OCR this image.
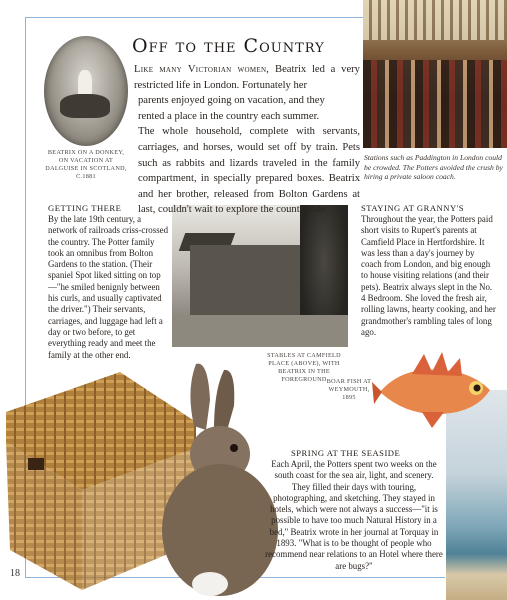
Off to the Country
Like many Victorian women, Beatrix led a very restricted life in London. Fortunately her
parents enjoyed going on vacation, and they
rented a place in the country each summer.
The whole household, complete with servants, carriages, and horses, would set off by train. Pets such as rabbits and lizards traveled in the family compartment, in specially prepared boxes. Beatrix and her brother, released from Bolton Gardens at last, couldn't wait to explore the countryside.
BEATRIX ON A DONKEY, ON VACATION AT DALGUISE IN SCOTLAND, C.1881
Stations such as Paddington in London could be crowded. The Potters avoided the crush by hiring a private saloon coach.
STABLES AT CAMFIELD PLACE (ABOVE), WITH BEATRIX IN THE FOREGROUND BOAR FISH AT WEYMOUTH, 1895
GETTING THERE
By the late 19th century, a network of railroads criss-crossed the country. The Potter family took an omnibus from Bolton Gardens to the station. (Their spaniel Spot liked sitting on top—"he smiled benignly between his curls, and usually captivated the driver.") Their servants, carriages, and luggage had left a day or two before, to get everything ready and meet the family at the other end.
STAYING AT GRANNY'S
Throughout the year, the Potters paid short visits to Rupert's parents at Camfield Place in Hertfordshire. It was less than a day's journey by coach from London, and big enough to house visiting relations (and their pets). Beatrix always slept in the No. 4 Bedroom. She loved the fresh air, rolling lawns, hearty cooking, and her grandmother's rambling tales of long ago.
SPRING AT THE SEASIDE
Each April, the Potters spent two weeks on the south coast for the sea air, light, and scenery. They filled their days with touring, photographing, and sketching. They stayed in hotels, which were not always a success—"it is possible to have too much Natural History in a bed," Beatrix wrote in her journal at Torquay in 1893. "What is to be thought of people who recommend near relations to an Hotel where there are bugs?"
18
